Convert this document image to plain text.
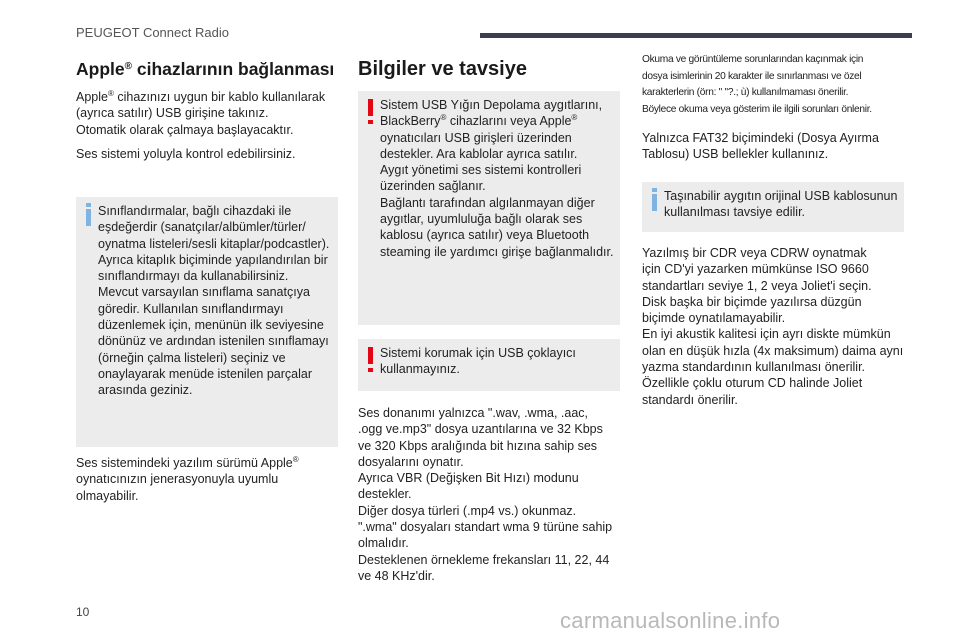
PEUGEOT Connect Radio
Apple® cihazlarının bağlanması

Apple® cihazınızı uygun bir kablo kullanılarak
(ayrıca satılır) USB girişine takınız.
Otomatik olarak çalmaya başlayacaktır.

Ses sistemi yoluyla kontrol edebilirsiniz.

Sınıflandırmalar, bağlı cihazdaki ile
eşdeğerdir (sanatçılar/albümler/türler/
oynatma listeleri/sesli kitaplar/podcastler).
Ayrıca kitaplık biçiminde yapılandırılan bir
sınıflandırmayı da kullanabilirsiniz.
Mevcut varsayılan sınıflama sanatçıya
göredir. Kullanılan sınıflandırmayı
düzenlemek için, menünün ilk seviyesine
dönünüz ve ardından istenilen sınıflamayı
(örneğin çalma listeleri) seçiniz ve
onaylayarak menüde istenilen parçalar
arasında geziniz.

Ses sistemindeki yazılım sürümü Apple®
oynatıcınızın jenerasyonuyla uyumlu
olmayabilir.

Bilgiler ve tavsiye
Sistem USB Yığın Depolama aygıtlarını,
BlackBerry® cihazlarını veya Apple®
oynatıcıları USB girişleri üzerinden
destekler. Ara kablolar ayrıca satılır.
Aygıt yönetimi ses sistemi kontrolleri
üzerinden sağlanır.
Bağlantı tarafından algılanmayan diğer
aygıtlar, uyumluluğa bağlı olarak ses
kablosu (ayrıca satılır) veya Bluetooth
steaming ile yardımcı girişe bağlanmalıdır.
Sistemi korumak için USB çoklayıcı
kullanmayınız.

Ses donanımı yalnızca ".wav, .wma, .aac,
.ogg ve.mp3" dosya uzantılarına ve 32 Kbps
ve 320 Kbps aralığında bit hızına sahip ses
dosyalarını oynatır.
Ayrıca VBR (Değişken Bit Hızı) modunu
destekler.
Diğer dosya türleri (.mp4 vs.) okunmaz.
".wma" dosyaları standart wma 9 türüne sahip
olmalıdır.
Desteklenen örnekleme frekansları 11, 22, 44
ve 48 KHz'dir.

Okuma ve görüntüleme sorunlarından kaçınmak için
dosya isimlerinin 20 karakter ile sınırlanması ve özel
karakterlerin (örn: " "?.; ù) kullanılmaması önerilir.
Böylece okuma veya gösterim ile ilgili sorunları önlenir.

Yalnızca FAT32 biçimindeki (Dosya Ayırma
Tablosu) USB bellekler kullanınız.

Taşınabilir aygıtın orijinal USB kablosunun
kullanılması tavsiye edilir.

Yazılmış bir CDR veya CDRW oynatmak
için CD'yi yazarken mümkünse ISO 9660
standartları seviye 1, 2 veya Joliet'i seçin.
Disk başka bir biçimde yazılırsa düzgün
biçimde oynatılamayabilir.
En iyi akustik kalitesi için ayrı diskte mümkün
olan en düşük hızla (4x maksimum) daima aynı
yazma standardının kullanılması önerilir.
Özellikle çoklu oturum CD halinde Joliet
standardı önerilir.

10	carmanualsonline.info
